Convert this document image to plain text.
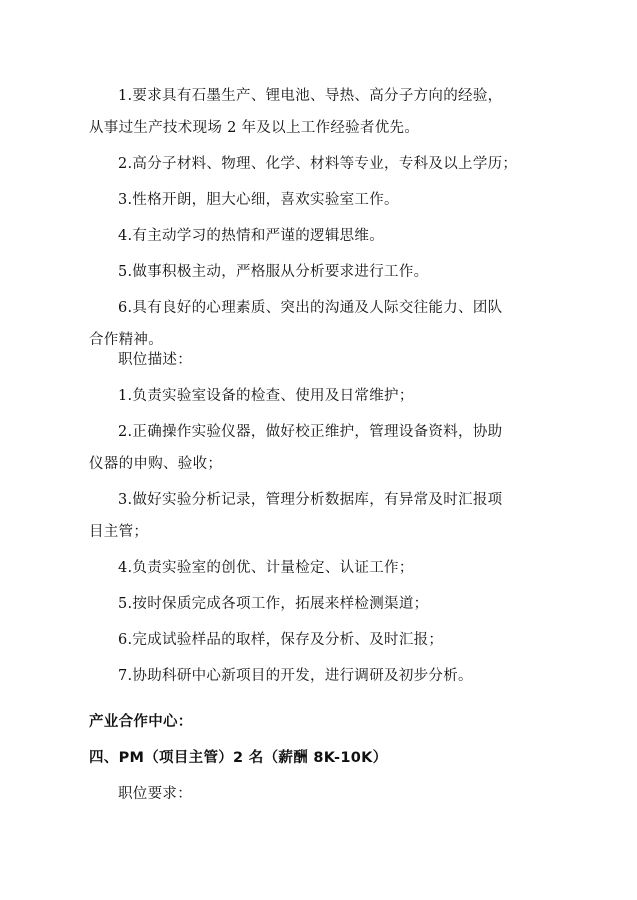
1.要求具有石墨生产、锂电池、导热、高分子方向的经验，
从事过生产技术现场 2 年及以上工作经验者优先。
2.高分子材料、物理、化学、材料等专业，专科及以上学历；
3.性格开朗，胆大心细，喜欢实验室工作。
4.有主动学习的热情和严谨的逻辑思维。
5.做事积极主动，严格服从分析要求进行工作。
6.具有良好的心理素质、突出的沟通及人际交往能力、团队
合作精神。
职位描述：
1.负责实验室设备的检查、使用及日常维护；
2.正确操作实验仪器，做好校正维护，管理设备资料，协助
仪器的申购、验收；
3.做好实验分析记录，管理分析数据库，有异常及时汇报项
目主管；
4.负责实验室的创优、计量检定、认证工作；
5.按时保质完成各项工作，拓展来样检测渠道；
6.完成试验样品的取样，保存及分析、及时汇报；
7.协助科研中心新项目的开发，进行调研及初步分析。
产业合作中心：
四、PM（项目主管）2 名（薪酬 8K-10K）
职位要求：
